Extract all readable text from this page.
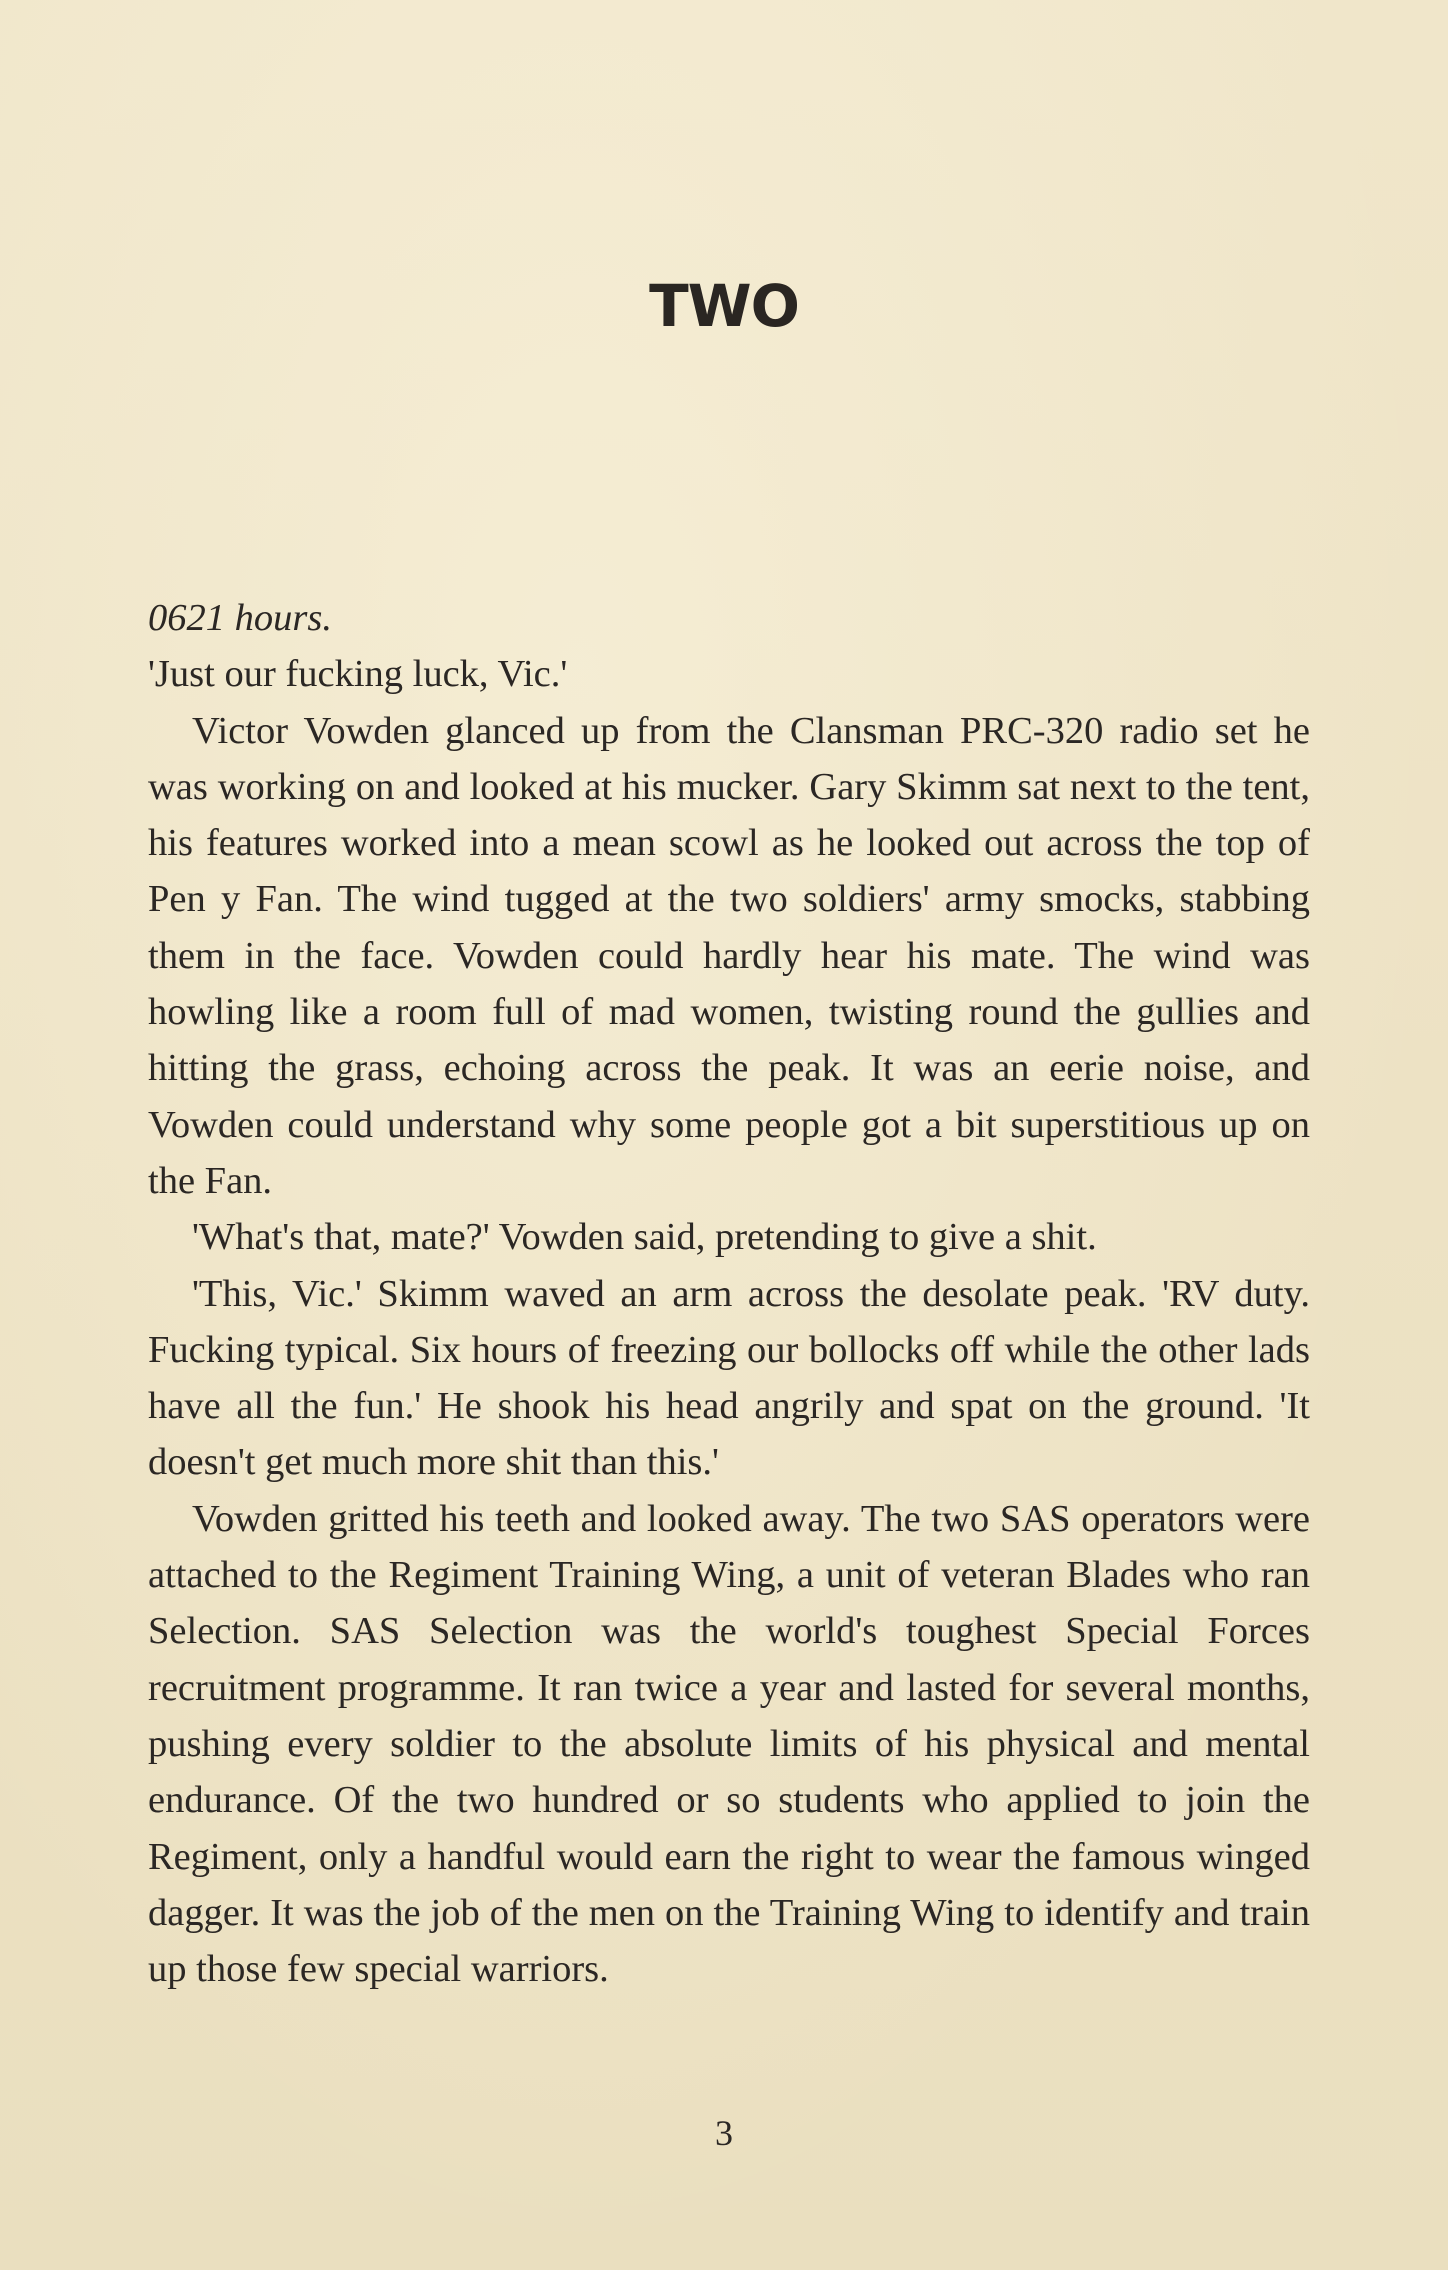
TWO

0621 hours.

'Just our fucking luck, Vic.'

Victor Vowden glanced up from the Clansman PRC-320 radio set he was working on and looked at his mucker. Gary Skimm sat next to the tent, his features worked into a mean scowl as he looked out across the top of Pen y Fan. The wind tugged at the two soldiers' army smocks, stabbing them in the face. Vowden could hardly hear his mate. The wind was howling like a room full of mad women, twisting round the gullies and hitting the grass, echoing across the peak. It was an eerie noise, and Vowden could understand why some people got a bit superstitious up on the Fan.

'What's that, mate?' Vowden said, pretending to give a shit.

'This, Vic.' Skimm waved an arm across the desolate peak. 'RV duty. Fucking typical. Six hours of freezing our bollocks off while the other lads have all the fun.' He shook his head angrily and spat on the ground. 'It doesn't get much more shit than this.'

Vowden gritted his teeth and looked away. The two SAS operators were attached to the Regiment Training Wing, a unit of veteran Blades who ran Selection. SAS Selection was the world's toughest Special Forces recruitment programme. It ran twice a year and lasted for several months, pushing every soldier to the absolute limits of his physical and mental endurance. Of the two hundred or so students who applied to join the Regiment, only a handful would earn the right to wear the famous winged dagger. It was the job of the men on the Training Wing to identify and train up those few special warriors.

3
